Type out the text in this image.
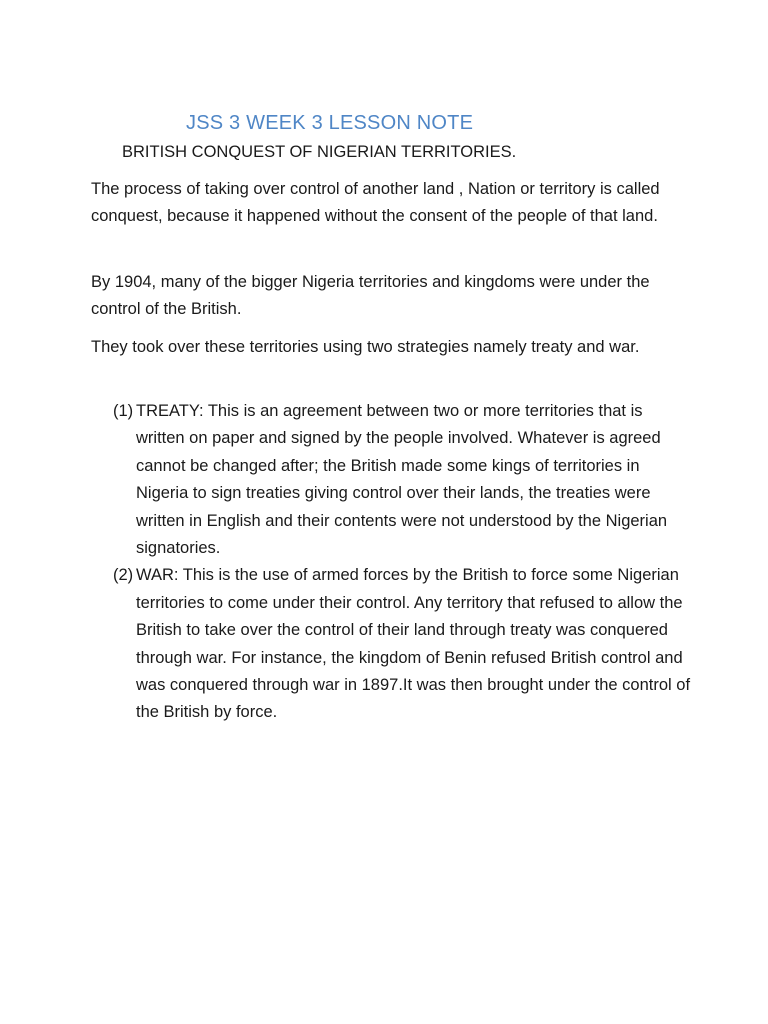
JSS 3 WEEK 3 LESSON NOTE
BRITISH CONQUEST OF NIGERIAN TERRITORIES.

The process of taking over control of another land , Nation or territory is called conquest, because it happened without the consent of the people of that land.

By 1904, many of the bigger Nigeria territories and kingdoms were under the control of the British.

They took over these territories using two strategies namely treaty and war.

(1) TREATY: This is an agreement between two or more territories that is written on paper and signed by the people involved. Whatever is agreed cannot be changed after; the British made some kings of territories in Nigeria to sign treaties giving control over their lands, the treaties were written in English and their contents were not understood by the Nigerian signatories.
(2) WAR: This is the use of armed forces by the British to force some Nigerian territories to come under their control. Any territory that refused to allow the British to take over the control of their land through treaty was conquered through war. For instance, the kingdom of Benin refused British control and was conquered through war in 1897.It was then brought under the control of the British by force.
